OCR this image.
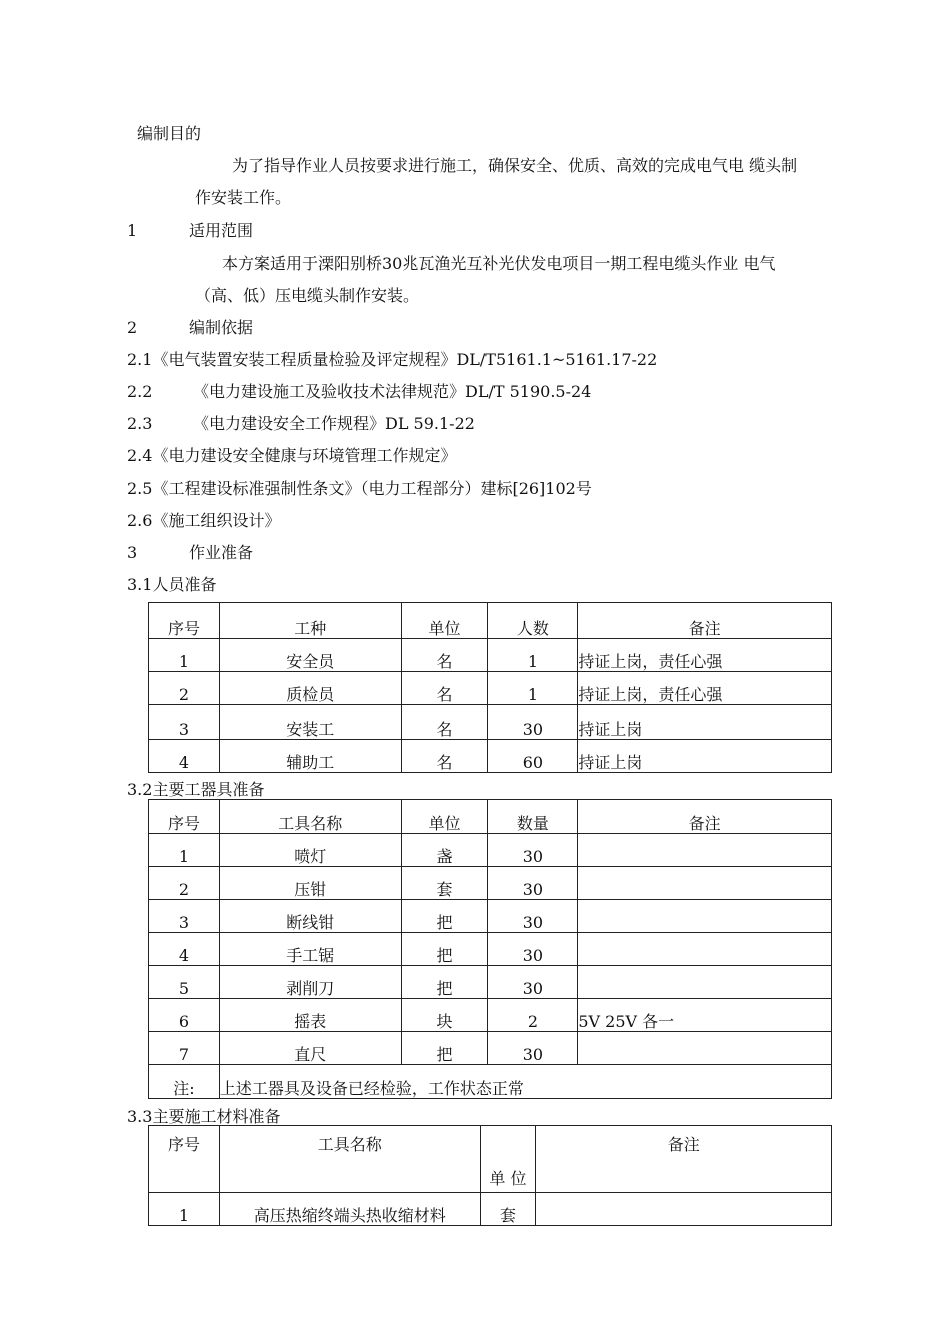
编制目的
为了指导作业人员按要求进行施工，确保安全、优质、高效的完成电气电 缆头制
作安装工作。
1	适用范围
本方案适用于溧阳别桥30兆瓦渔光互补光伏发电项目一期工程电缆头作业 电气
（高、低）压电缆头制作安装。
2	编制依据
2.1《电气装置安装工程质量检验及评定规程》DL/T5161.1~5161.17-22
2.2	《电力建设施工及验收技术法律规范》DL/T 5190.5-24
2.3	《电力建设安全工作规程》DL 59.1-22
2.4《电力建设安全健康与环境管理工作规定》
2.5《工程建设标准强制性条文》（电力工程部分）建标[26]102号
2.6《施工组织设计》
3	作业准备
3.1人员准备
序号	工种	单位	人数	备注
1	安全员	名	1	持证上岗，责任心强
2	质检员	名	1	持证上岗，责任心强
3	安装工	名	30	持证上岗
4	辅助工	名	60	持证上岗
3.2主要工器具准备
序号	工具名称	单位	数量	备注
1	喷灯	盏	30	
2	压钳	套	30	
3	断线钳	把	30	
4	手工锯	把	30	
5	剥削刀	把	30	
6	摇表	块	2	5V 25V 各一
7	直尺	把	30	
注:	上述工器具及设备已经检验，工作状态正常			
3.3主要施工材料准备
序号	工具名称	单 位	备注
1	高压热缩终端头热收缩材料	套	
